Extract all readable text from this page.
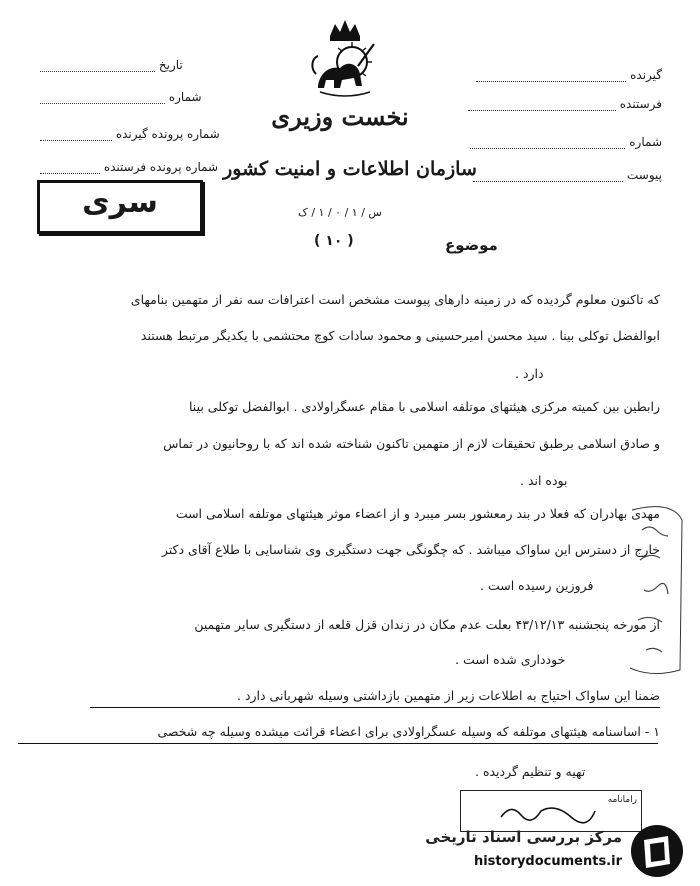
گیرنده
فرستنده
شماره
پیوست
تاریخ
شماره
شماره پرونده گیرنده
شماره پرونده فرستنده
نخست وزیری
سازمان اطلاعات و امنیت کشور
س / ۱ / ۰ / ۱ / ک
( ۱۰ )
سری
موضوع
که تاکنون معلوم گردیده که در زمینه دارهای پیوست مشخص است اعترافات سه نفر از متهمین بنامهای
ابوالفضل توکلی بینا . سید محسن امیرحسینی و محمود سادات کوچ محتشمی با یکدیگر مرتبط هستند
دارد .
رابطین بین کمیته مرکزی هیئتهای موتلفه اسلامی با مقام عسگراولادی . ابوالفضل توکلی بینا
و صادق اسلامی برطبق تحقیقات لازم از متهمین تاکنون شناخته شده اند که با روحانیون در تماس
بوده اند .
مهدی بهادران که فعلا در بند رمعشور بسر میبرد و از اعضاء موثر هیئتهای موتلفه اسلامی است
خارج از دسترس این ساواک میباشد . که چگونگی جهت دستگیری وی شناسایی با طلاع آقای دکتر
فروزین رسیده است .
از مورخه پنجشنبه ۴۳/۱۲/۱۳ بعلت عدم مکان در زندان قزل قلعه از دستگیری سایر متهمین
خودداری شده است .
ضمنا این ساواک احتیاج به اطلاعات زیر از متهمین بازداشتی وسیله شهربانی دارد .
۱ - اساسنامه هیئتهای موتلفه که وسیله عسگراولادی برای اعضاء قرائت میشده وسیله چه شخصی
تهیه و تنظیم گردیده .
رامانامه
مرکز بررسی اسناد تاریخی
historydocuments.ir
